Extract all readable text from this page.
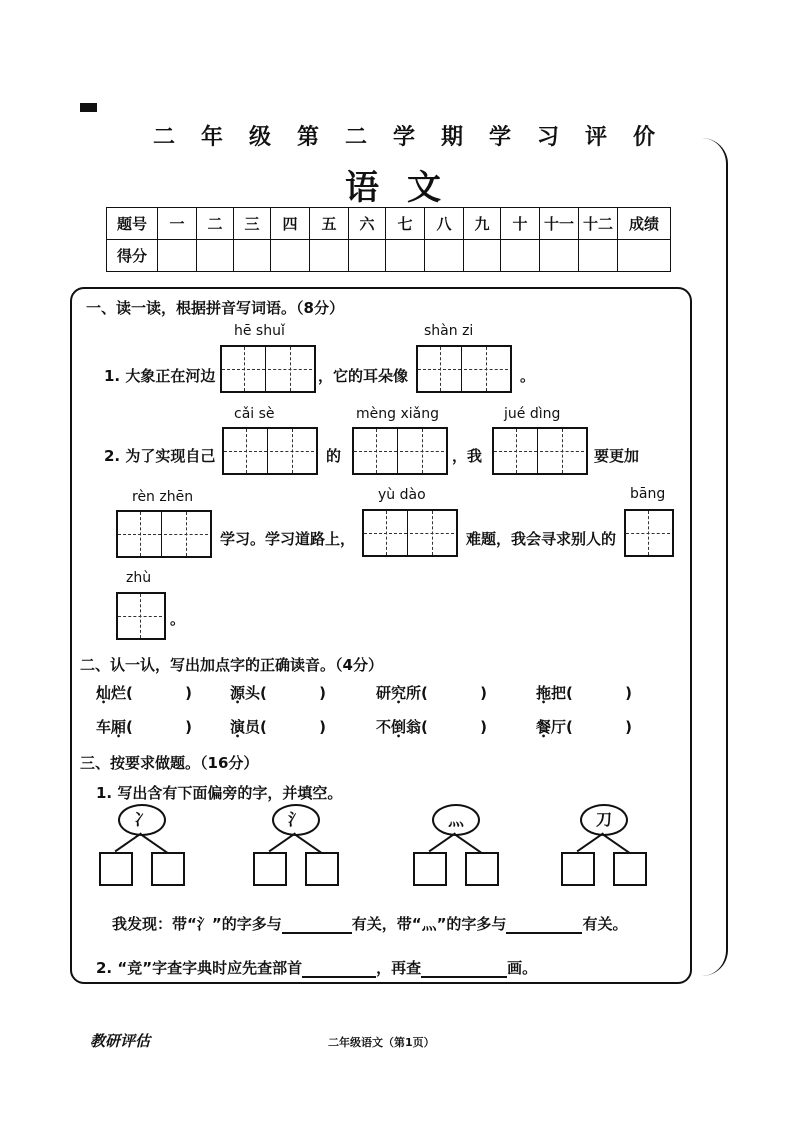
二年级第二学期学习评价
语文
题号	一	二	三	四	五	六	七	八	九	十	十一	十二	成绩
得分													
一、读一读，根据拼音写词语。（8分）
hē shuǐ	shàn zi
1. 大象正在河边	，它的耳朵像	。
cǎi sè	mèng xiǎng	jué dìng
2. 为了实现自己	的	，我	要更加
rèn zhēn	yù dào	bāng
学习。学习道路上，	难题，我会寻求别人的
zhù
。
二、认一认，写出加点字的正确读音。（4分）
灿烂(          )	源头(          )	研究所(          )	拖把(          )
车厢(          )	演员(          )	不倒翁(          )	餐厅(          )
三、按要求做题。（16分）
1. 写出含有下面偏旁的字，并填空。
冫	氵	灬	刀
我发现：带“氵”的字多与	有关，带“灬”的字多与	有关。
2. “竞”字查字典时应先查部首	，再查	画。
教研评估	二年级语文（第1页）
